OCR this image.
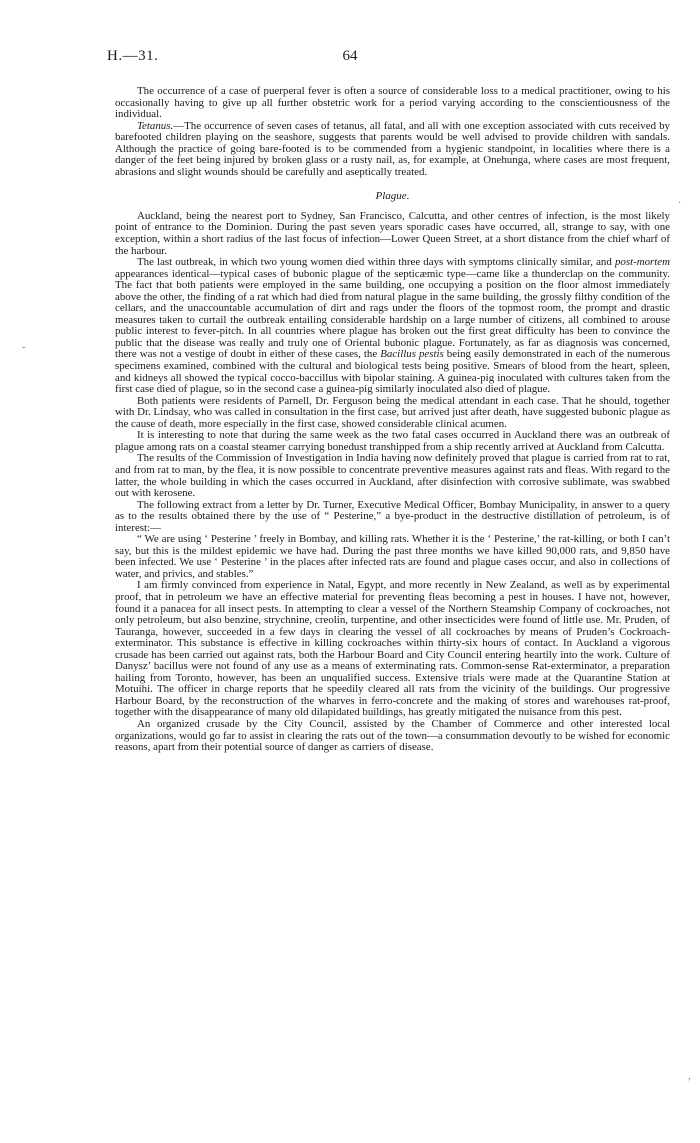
H.—31.	64

The occurrence of a case of puerperal fever is often a source of considerable loss to a medical practitioner, owing to his occasionally having to give up all further obstetric work for a period varying according to the conscientiousness of the individual.

Tetanus.—The occurrence of seven cases of tetanus, all fatal, and all with one exception associated with cuts received by barefooted children playing on the seashore, suggests that parents would be well advised to provide children with sandals. Although the practice of going bare-footed is to be commended from a hygienic standpoint, in localities where there is a danger of the feet being injured by broken glass or a rusty nail, as, for example, at Onehunga, where cases are most frequent, abrasions and slight wounds should be carefully and aseptically treated.

Plague.

Auckland, being the nearest port to Sydney, San Francisco, Calcutta, and other centres of infection, is the most likely point of entrance to the Dominion. During the past seven years sporadic cases have occurred, all, strange to say, with one exception, within a short radius of the last focus of infection—Lower Queen Street, at a short distance from the chief wharf of the harbour.

The last outbreak, in which two young women died within three days with symptoms clinically similar, and post-mortem appearances identical—typical cases of bubonic plague of the septicæmic type—came like a thunderclap on the community. The fact that both patients were employed in the same building, one occupying a position on the floor almost immediately above the other, the finding of a rat which had died from natural plague in the same building, the grossly filthy condition of the cellars, and the unaccountable accumulation of dirt and rags under the floors of the topmost room, the prompt and drastic measures taken to curtail the outbreak entailing considerable hardship on a large number of citizens, all combined to arouse public interest to fever-pitch. In all countries where plague has broken out the first great difficulty has been to convince the public that the disease was really and truly one of Oriental bubonic plague. Fortunately, as far as diagnosis was concerned, there was not a vestige of doubt in either of these cases, the Bacillus pestis being easily demonstrated in each of the numerous specimens examined, combined with the cultural and biological tests being positive. Smears of blood from the heart, spleen, and kidneys all showed the typical cocco-baccillus with bipolar staining. A guinea-pig inoculated with cultures taken from the first case died of plague, so in the second case a guinea-pig similarly inoculated also died of plague.

Both patients were residents of Parnell, Dr. Ferguson being the medical attendant in each case. That he should, together with Dr. Lindsay, who was called in consultation in the first case, but arrived just after death, have suggested bubonic plague as the cause of death, more especially in the first case, showed considerable clinical acumen.

It is interesting to note that during the same week as the two fatal cases occurred in Auckland there was an outbreak of plague among rats on a coastal steamer carrying bonedust transhipped from a ship recently arrived at Auckland from Calcutta.

The results of the Commission of Investigation in India having now definitely proved that plague is carried from rat to rat, and from rat to man, by the flea, it is now possible to concentrate preventive measures against rats and fleas. With regard to the latter, the whole building in which the cases occurred in Auckland, after disinfection with corrosive sublimate, was swabbed out with kerosene.

The following extract from a letter by Dr. Turner, Executive Medical Officer, Bombay Municipality, in answer to a query as to the results obtained there by the use of “ Pesterine,” a bye-product in the destructive distillation of petroleum, is of interest:—

“ We are using ‘ Pesterine ’ freely in Bombay, and killing rats. Whether it is the ‘ Pesterine,’ the rat-killing, or both I can’t say, but this is the mildest epidemic we have had. During the past three months we have killed 90,000 rats, and 9,850 have been infected. We use ‘ Pesterine ’ in the places after infected rats are found and plague cases occur, and also in collections of water, and privics, and stables.”

I am firmly convinced from experience in Natal, Egypt, and more recently in New Zealand, as well as by experimental proof, that in petroleum we have an effective material for preventing fleas becoming a pest in houses. I have not, however, found it a panacea for all insect pests. In attempting to clear a vessel of the Northern Steamship Company of cockroaches, not only petroleum, but also benzine, strychnine, creolin, turpentine, and other insecticides were found of little use. Mr. Pruden, of Tauranga, however, succeeded in a few days in clearing the vessel of all cockroaches by means of Pruden’s Cockroach-exterminator. This substance is effective in killing cockroaches within thirty-six hours of contact. In Auckland a vigorous crusade has been carried out against rats, both the Harbour Board and City Council entering heartily into the work. Culture of Danysz’ bacillus were not found of any use as a means of exterminating rats. Common-sense Rat-exterminator, a preparation hailing from Toronto, however, has been an unqualified success. Extensive trials were made at the Quarantine Station at Motuihi. The officer in charge reports that he speedily cleared all rats from the vicinity of the buildings. Our progressive Harbour Board, by the reconstruction of the wharves in ferro-concrete and the making of stores and warehouses rat-proof, together with the disappearance of many old dilapidated buildings, has greatly mitigated the nuisance from this pest.

An organized crusade by the City Council, assisted by the Chamber of Commerce and other interested local organizations, would go far to assist in clearing the rats out of the town—a consummation devoutly to be wished for economic reasons, apart from their potential source of danger as carriers of disease.

-
·
,
